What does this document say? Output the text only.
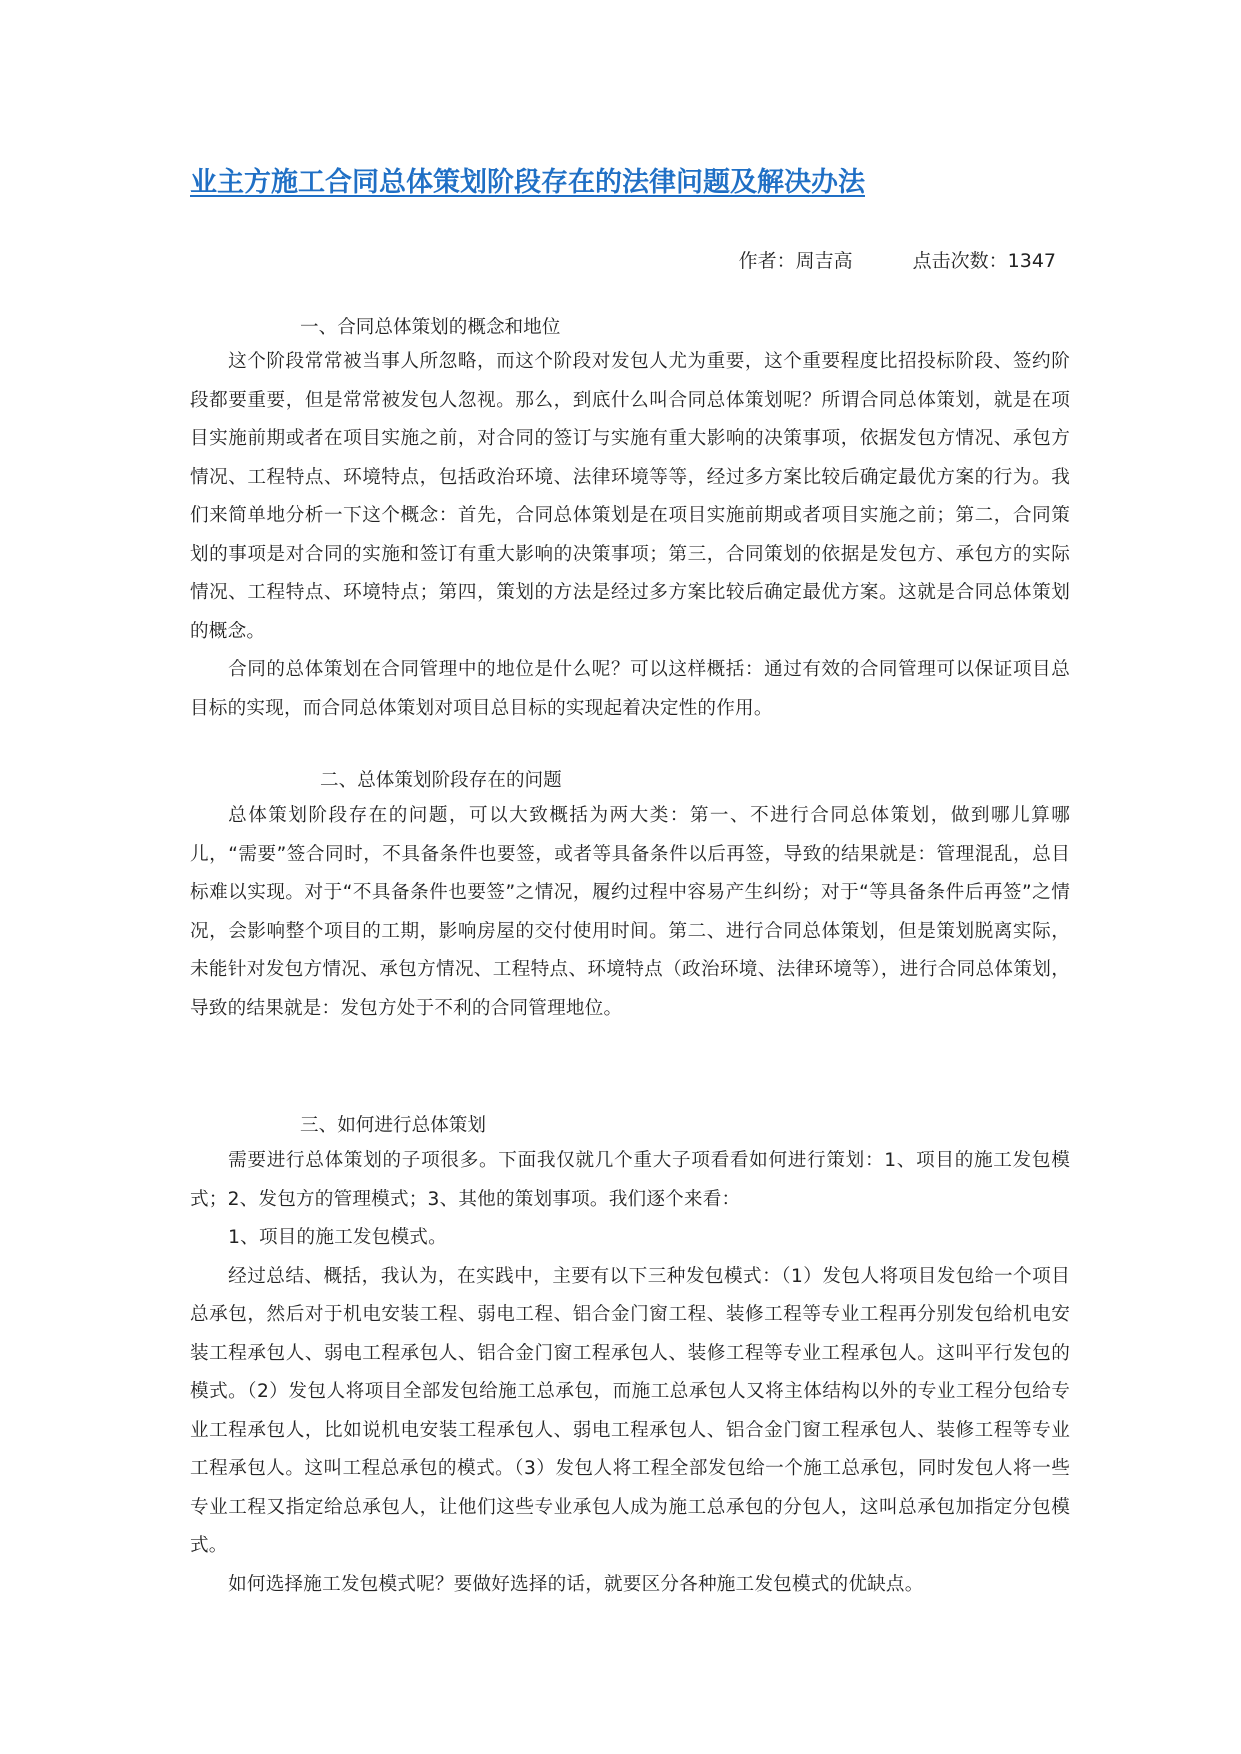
业主方施工合同总体策划阶段存在的法律问题及解决办法
作者：周吉高	点击次数：1347
一、合同总体策划的概念和地位

这个阶段常常被当事人所忽略，而这个阶段对发包人尤为重要，这个重要程度比招投标阶段、签约阶段都要重要，但是常常被发包人忽视。那么，到底什么叫合同总体策划呢？所谓合同总体策划，就是在项目实施前期或者在项目实施之前，对合同的签订与实施有重大影响的决策事项，依据发包方情况、承包方情况、工程特点、环境特点，包括政治环境、法律环境等等，经过多方案比较后确定最优方案的行为。我们来简单地分析一下这个概念：首先，合同总体策划是在项目实施前期或者项目实施之前；第二，合同策划的事项是对合同的实施和签订有重大影响的决策事项；第三，合同策划的依据是发包方、承包方的实际情况、工程特点、环境特点；第四，策划的方法是经过多方案比较后确定最优方案。这就是合同总体策划的概念。

合同的总体策划在合同管理中的地位是什么呢？可以这样概括：通过有效的合同管理可以保证项目总目标的实现，而合同总体策划对项目总目标的实现起着决定性的作用。

二、总体策划阶段存在的问题

总体策划阶段存在的问题，可以大致概括为两大类：第一、不进行合同总体策划，做到哪儿算哪儿，“需要”签合同时，不具备条件也要签，或者等具备条件以后再签，导致的结果就是：管理混乱，总目标难以实现。对于“不具备条件也要签”之情况，履约过程中容易产生纠纷；对于“等具备条件后再签”之情况，会影响整个项目的工期，影响房屋的交付使用时间。第二、进行合同总体策划，但是策划脱离实际，未能针对发包方情况、承包方情况、工程特点、环境特点（政治环境、法律环境等），进行合同总体策划，导致的结果就是：发包方处于不利的合同管理地位。

三、如何进行总体策划

需要进行总体策划的子项很多。下面我仅就几个重大子项看看如何进行策划：1、项目的施工发包模式；2、发包方的管理模式；3、其他的策划事项。我们逐个来看：

1、项目的施工发包模式。

经过总结、概括，我认为，在实践中，主要有以下三种发包模式：（1）发包人将项目发包给一个项目总承包，然后对于机电安装工程、弱电工程、铝合金门窗工程、装修工程等专业工程再分别发包给机电安装工程承包人、弱电工程承包人、铝合金门窗工程承包人、装修工程等专业工程承包人。这叫平行发包的模式。（2）发包人将项目全部发包给施工总承包，而施工总承包人又将主体结构以外的专业工程分包给专业工程承包人，比如说机电安装工程承包人、弱电工程承包人、铝合金门窗工程承包人、装修工程等专业工程承包人。这叫工程总承包的模式。（3）发包人将工程全部发包给一个施工总承包，同时发包人将一些专业工程又指定给总承包人，让他们这些专业承包人成为施工总承包的分包人，这叫总承包加指定分包模式。

如何选择施工发包模式呢？要做好选择的话，就要区分各种施工发包模式的优缺点。
